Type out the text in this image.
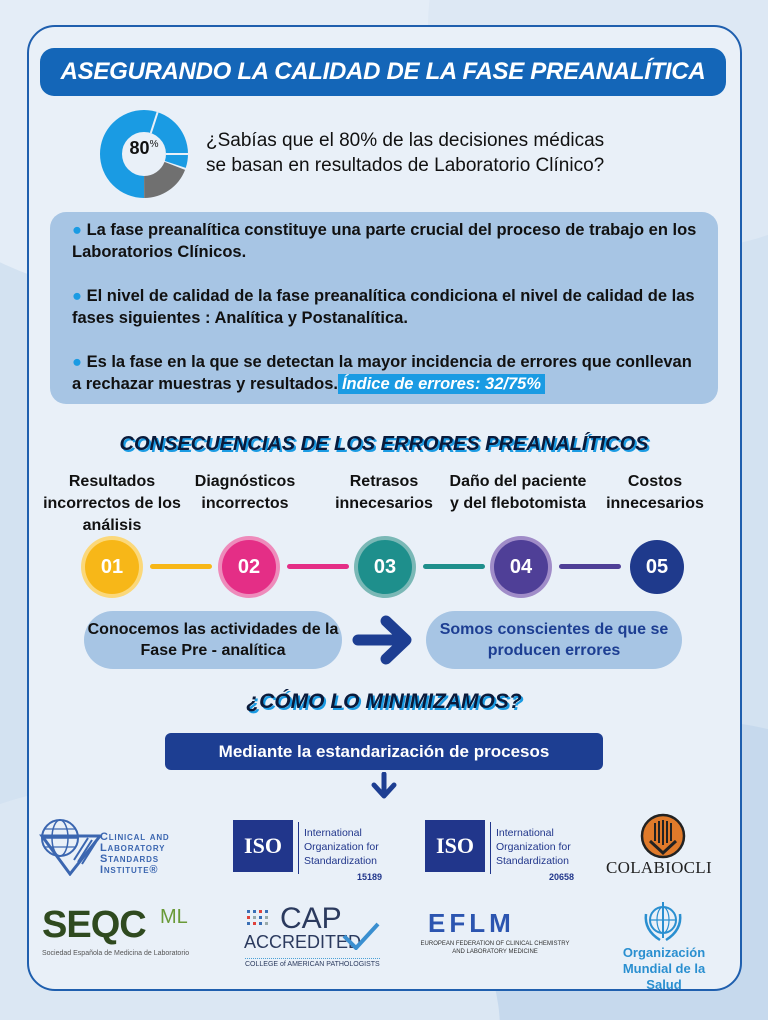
ASEGURANDO LA CALIDAD DE LA FASE PREANALÍTICA
80%	¿Sabías que el 80% de las decisiones médicas
se basan en resultados de Laboratorio Clínico?

● La fase preanalítica constituye una parte crucial del proceso de trabajo en los Laboratorios Clínicos.

● El nivel de calidad de la fase preanalítica condiciona el nivel de calidad de las fases siguientes : Analítica y Postanalítica.

● Es la fase en la que se detectan la mayor incidencia de errores que conllevan a rechazar muestras y resultados. Índice de errores: 32/75%

CONSECUENCIAS DE LOS ERRORES PREANALÍTICOS
Resultados incorrectos de los análisis
Diagnósticos incorrectos
Retrasos innecesarios
Daño del paciente y del flebotomista
Costos innecesarios
01	02	03	04	05
Conocemos las actividades de la Fase Pre - analítica
Somos conscientes de que se producen errores
¿CÓMO LO MINIMIZAMOS?
Mediante la estandarización de procesos
Clinical and
Laboratory
Standards
Institute®
ISO	International
Organization for
Standardization
15189
ISO	International
Organization for
Standardization
20658 COLABIOCLI
SEQC ML
Sociedad Española de Medicina de Laboratorio
CAP
ACCREDITED
COLLEGE of AMERICAN PATHOLOGISTS
EFLM
EUROPEAN FEDERATION OF CLINICAL CHEMISTRY
AND LABORATORY MEDICINE	Organización
Mundial de la Salud
